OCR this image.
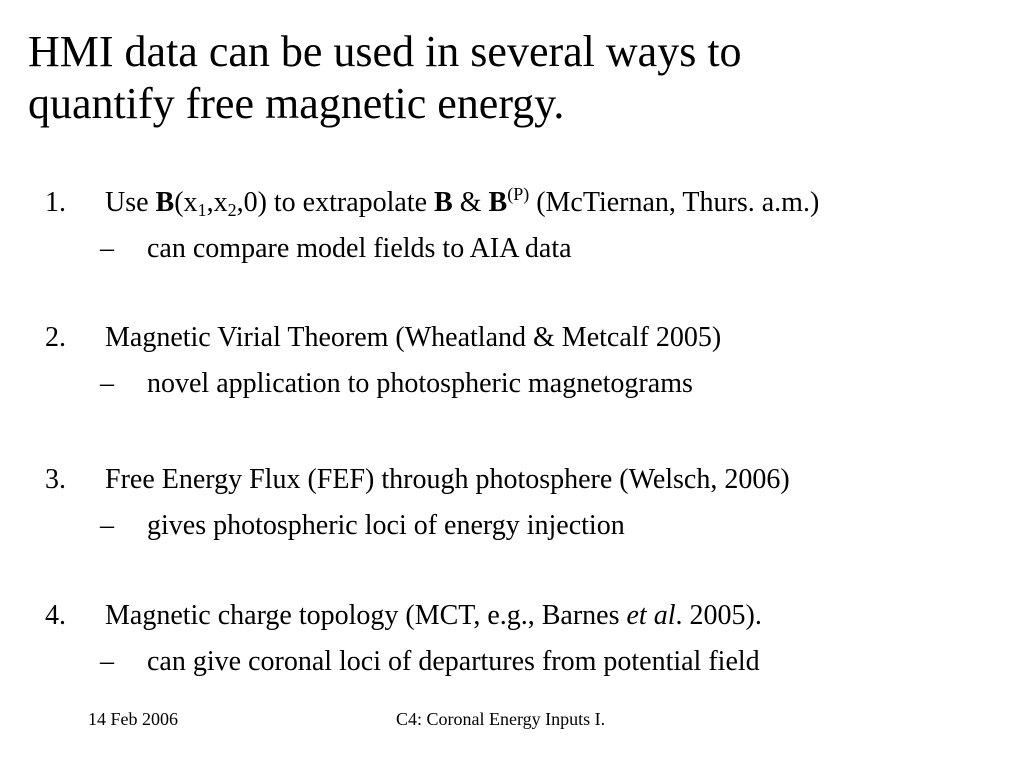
HMI data can be used in several ways to
quantify free magnetic energy.
1. Use $B(x_1,x_2,0)$ to extrapolate B & $B^{(P)}$ (McTiernan, Thurs. a.m.)
– can compare model fields to AIA data
2. Magnetic Virial Theorem (Wheatland & Metcalf 2005)
– novel application to photospheric magnetograms
3. Free Energy Flux (FEF) through photosphere (Welsch, 2006)
– gives photospheric loci of energy injection
4. Magnetic charge topology (MCT, e.g., Barnes et al. 2005).
– can give coronal loci of departures from potential field
14 Feb 2006	C4: Coronal Energy Inputs I.
